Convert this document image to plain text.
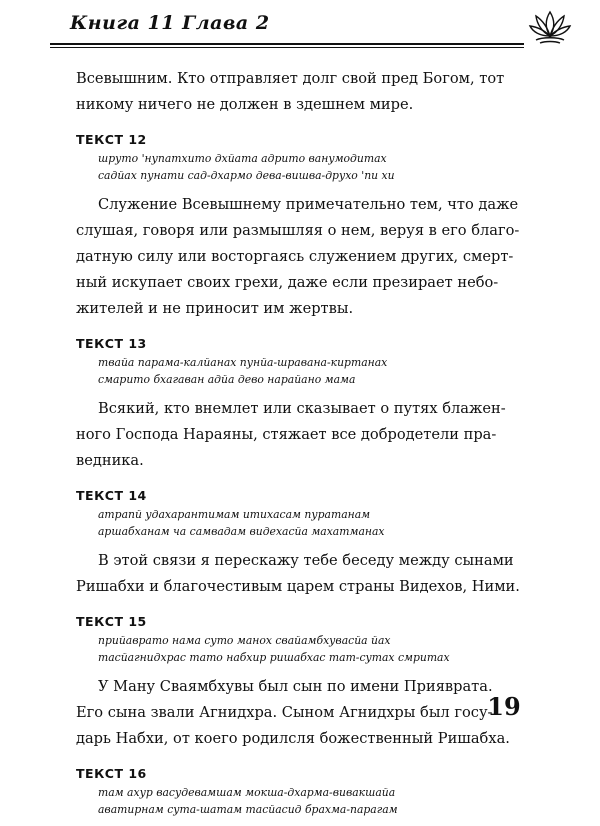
Книга 11 Глава 2

Всевышним. Кто отправляет долг свой пред Богом, тот
никому ничего не должен в здешнем мире.

ТЕКСТ 12
шруто 'нупатхито дхйата адрито ванумодитах
садйах пунати сад-дхармо дева-вишва-друхо 'пи хи

Служение Всевышнему примечательно тем, что даже
слушая, говоря или размышляя о нем, веруя в его благо-
датную силу или восторгаясь служением других, смерт-
ный искупает своих грехи, даже если презирает небо-
жителей и не приносит им жертвы.

ТЕКСТ 13
твайа парама-калйанах пунйа-шравана-киртанах
смарито бхагаван адйа дево нарайано мама

Всякий, кто внемлет или сказывает о путях блажен-
ного Господа Нараяны, стяжает все добродетели пра-
ведника.

ТЕКСТ 14
атрапй удахарантимам итихасам пуратанам
аршабханам ча самвадам видехасйа махатманах

В этой связи я перескажу тебе беседу между сынами
Ришабхи и благочестивым царем страны Видехов, Ними.

ТЕКСТ 15
прийаврато нама суто манох свайамбхувасйа йах
тасйагнидхрас тато набхир ришабхас тат-сутах смритах

У Ману Сваямбхувы был сын по имени Прияврата.
Его сына звали Агнидхра. Сыном Агнидхры был госу-
дарь Набхи, от коего родилсля божественный Ришабха.

ТЕКСТ 16
там ахур васудевамшам мокша-дхарма-вивакшайа
аватирнам сута-шатам тасйасид брахма-парагам
19
